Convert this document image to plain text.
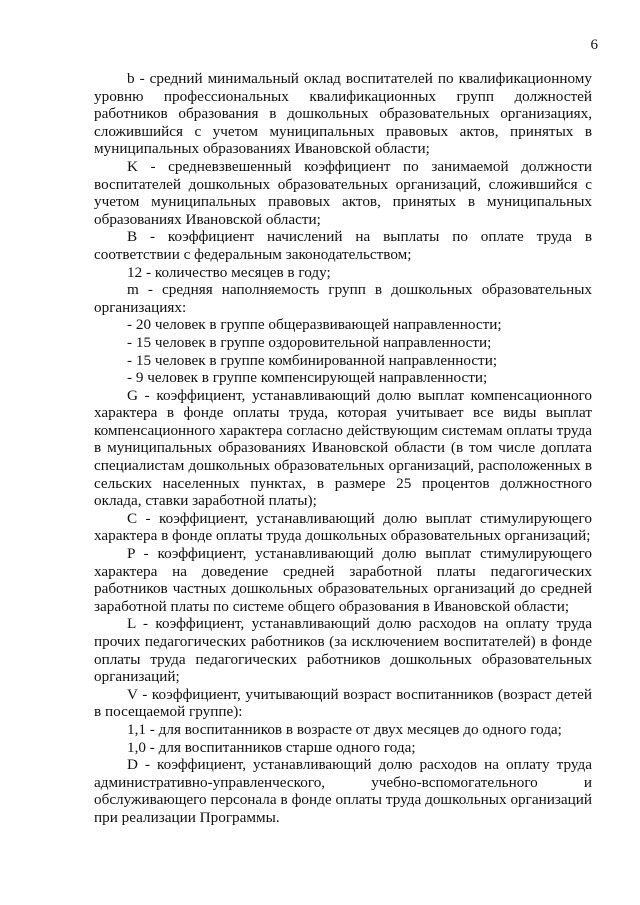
6

b - средний минимальный оклад воспитателей по квалификационному уровню профессиональных квалификационных групп должностей работников образования в дошкольных образовательных организациях, сложившийся с учетом муниципальных правовых актов, принятых в муниципальных образованиях Ивановской области;

K - средневзвешенный коэффициент по занимаемой должности воспитателей дошкольных образовательных организаций, сложившийся с учетом муниципальных правовых актов, принятых в муниципальных образованиях Ивановской области;

B - коэффициент начислений на выплаты по оплате труда в соответствии с федеральным законодательством;

12 - количество месяцев в году;

m - средняя наполняемость групп в дошкольных образовательных организациях:

- 20 человек в группе общеразвивающей направленности;

- 15 человек в группе оздоровительной направленности;

- 15 человек в группе комбинированной направленности;

- 9 человек в группе компенсирующей направленности;

G - коэффициент, устанавливающий долю выплат компенсационного характера в фонде оплаты труда, которая учитывает все виды выплат компенсационного характера согласно действующим системам оплаты труда в муниципальных образованиях Ивановской области (в том числе доплата специалистам дошкольных образовательных организаций, расположенных в сельских населенных пунктах, в размере 25 процентов должностного оклада, ставки заработной платы);

C - коэффициент, устанавливающий долю выплат стимулирующего характера в фонде оплаты труда дошкольных образовательных организаций;

P - коэффициент, устанавливающий долю выплат стимулирующего характера на доведение средней заработной платы педагогических работников частных дошкольных образовательных организаций до средней заработной платы по системе общего образования в Ивановской области;

L - коэффициент, устанавливающий долю расходов на оплату труда прочих педагогических работников (за исключением воспитателей) в фонде оплаты труда педагогических работников дошкольных образовательных организаций;

V - коэффициент, учитывающий возраст воспитанников (возраст детей в посещаемой группе):

1,1 - для воспитанников в возрасте от двух месяцев до одного года;

1,0 - для воспитанников старше одного года;

D - коэффициент, устанавливающий долю расходов на оплату труда административно-управленческого, учебно-вспомогательного и обслуживающего персонала в фонде оплаты труда дошкольных организаций при реализации Программы.
